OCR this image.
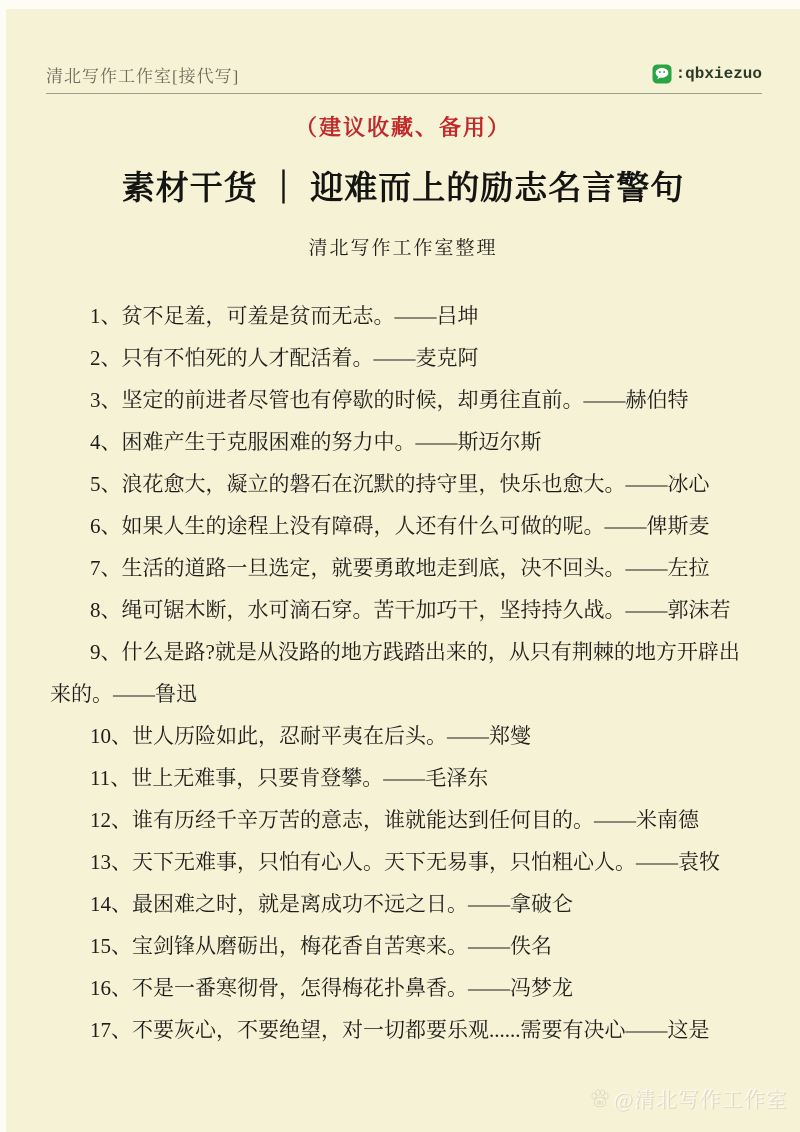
清北写作工作室[接代写]	:qbxiezuo
（建议收藏、备用）
素材干货 ｜ 迎难而上的励志名言警句
清北写作工作室整理

1、贫不足羞，可羞是贫而无志。——吕坤

2、只有不怕死的人才配活着。——麦克阿

3、坚定的前进者尽管也有停歇的时候，却勇往直前。——赫伯特

4、困难产生于克服困难的努力中。——斯迈尔斯

5、浪花愈大，凝立的磐石在沉默的持守里，快乐也愈大。——冰心

6、如果人生的途程上没有障碍，人还有什么可做的呢。——俾斯麦

7、生活的道路一旦选定，就要勇敢地走到底，决不回头。——左拉

8、绳可锯木断，水可滴石穿。苦干加巧干，坚持持久战。——郭沫若

9、什么是路?就是从没路的地方践踏出来的，从只有荆棘的地方开辟出来的。——鲁迅

10、世人历险如此，忍耐平夷在后头。——郑燮

11、世上无难事，只要肯登攀。——毛泽东

12、谁有历经千辛万苦的意志，谁就能达到任何目的。——米南德

13、天下无难事，只怕有心人。天下无易事，只怕粗心人。——袁牧

14、最困难之时，就是离成功不远之日。——拿破仑

15、宝剑锋从磨砺出，梅花香自苦寒来。——佚名

16、不是一番寒彻骨，怎得梅花扑鼻香。——冯梦龙

17、不要灰心，不要绝望，对一切都要乐观......需要有决心——这是

du @清北写作工作室
